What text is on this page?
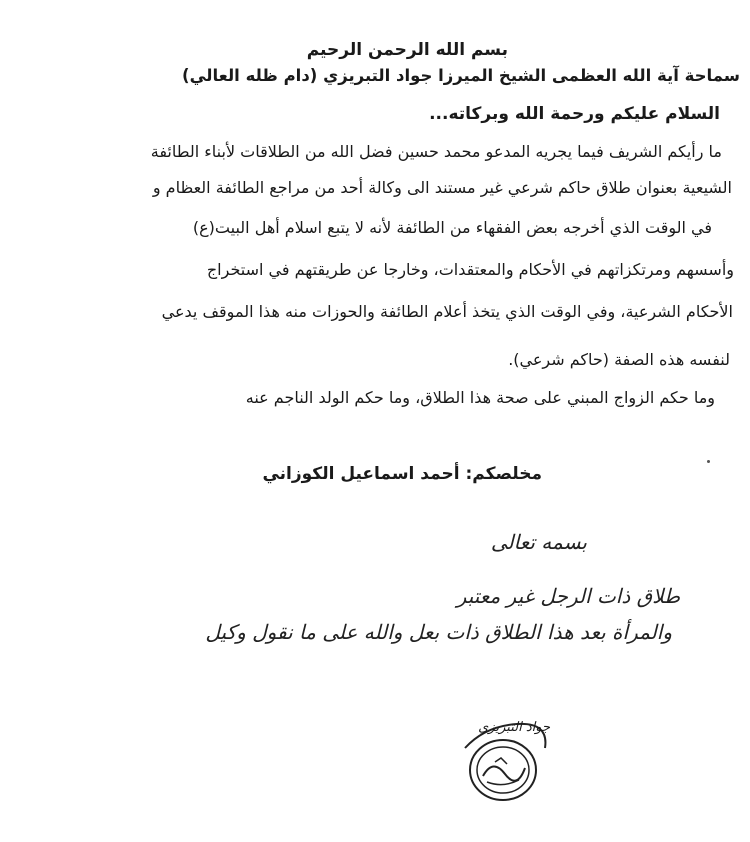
بسم الله الرحمن الرحيم
سماحة آية الله العظمى الشيخ الميرزا جواد التبريزي (دام ظله العالي)
السلام عليكم ورحمة الله وبركاته...
ما رأيكم الشريف فيما يجريه المدعو محمد حسين فضل الله من الطلاقات لأبناء الطائفة
الشيعية بعنوان طلاق حاكم شرعي غير مستند الى وكالة أحد من مراجع الطائفة العظام و
في الوقت الذي أخرجه بعض الفقهاء من الطائفة لأنه لا يتبع اسلام أهل البيت(ع)
وأسسهم ومرتكزاتهم في الأحكام والمعتقدات، وخارجا عن طريقتهم في استخراج
الأحكام الشرعية، وفي الوقت الذي يتخذ أعلام الطائفة والحوزات منه هذا الموقف يدعي
لنفسه هذه الصفة (حاكم شرعي).
وما حكم الزواج المبني على صحة هذا الطلاق، وما حكم الولد الناجم عنه
مخلصكم: أحمد اسماعيل الكوزاني
بسمه تعالى
طلاق ذات الرجل غير معتبر
والمرأة بعد هذا الطلاق ذات بعل والله على ما نقول وكيل
جواد التبريزي
